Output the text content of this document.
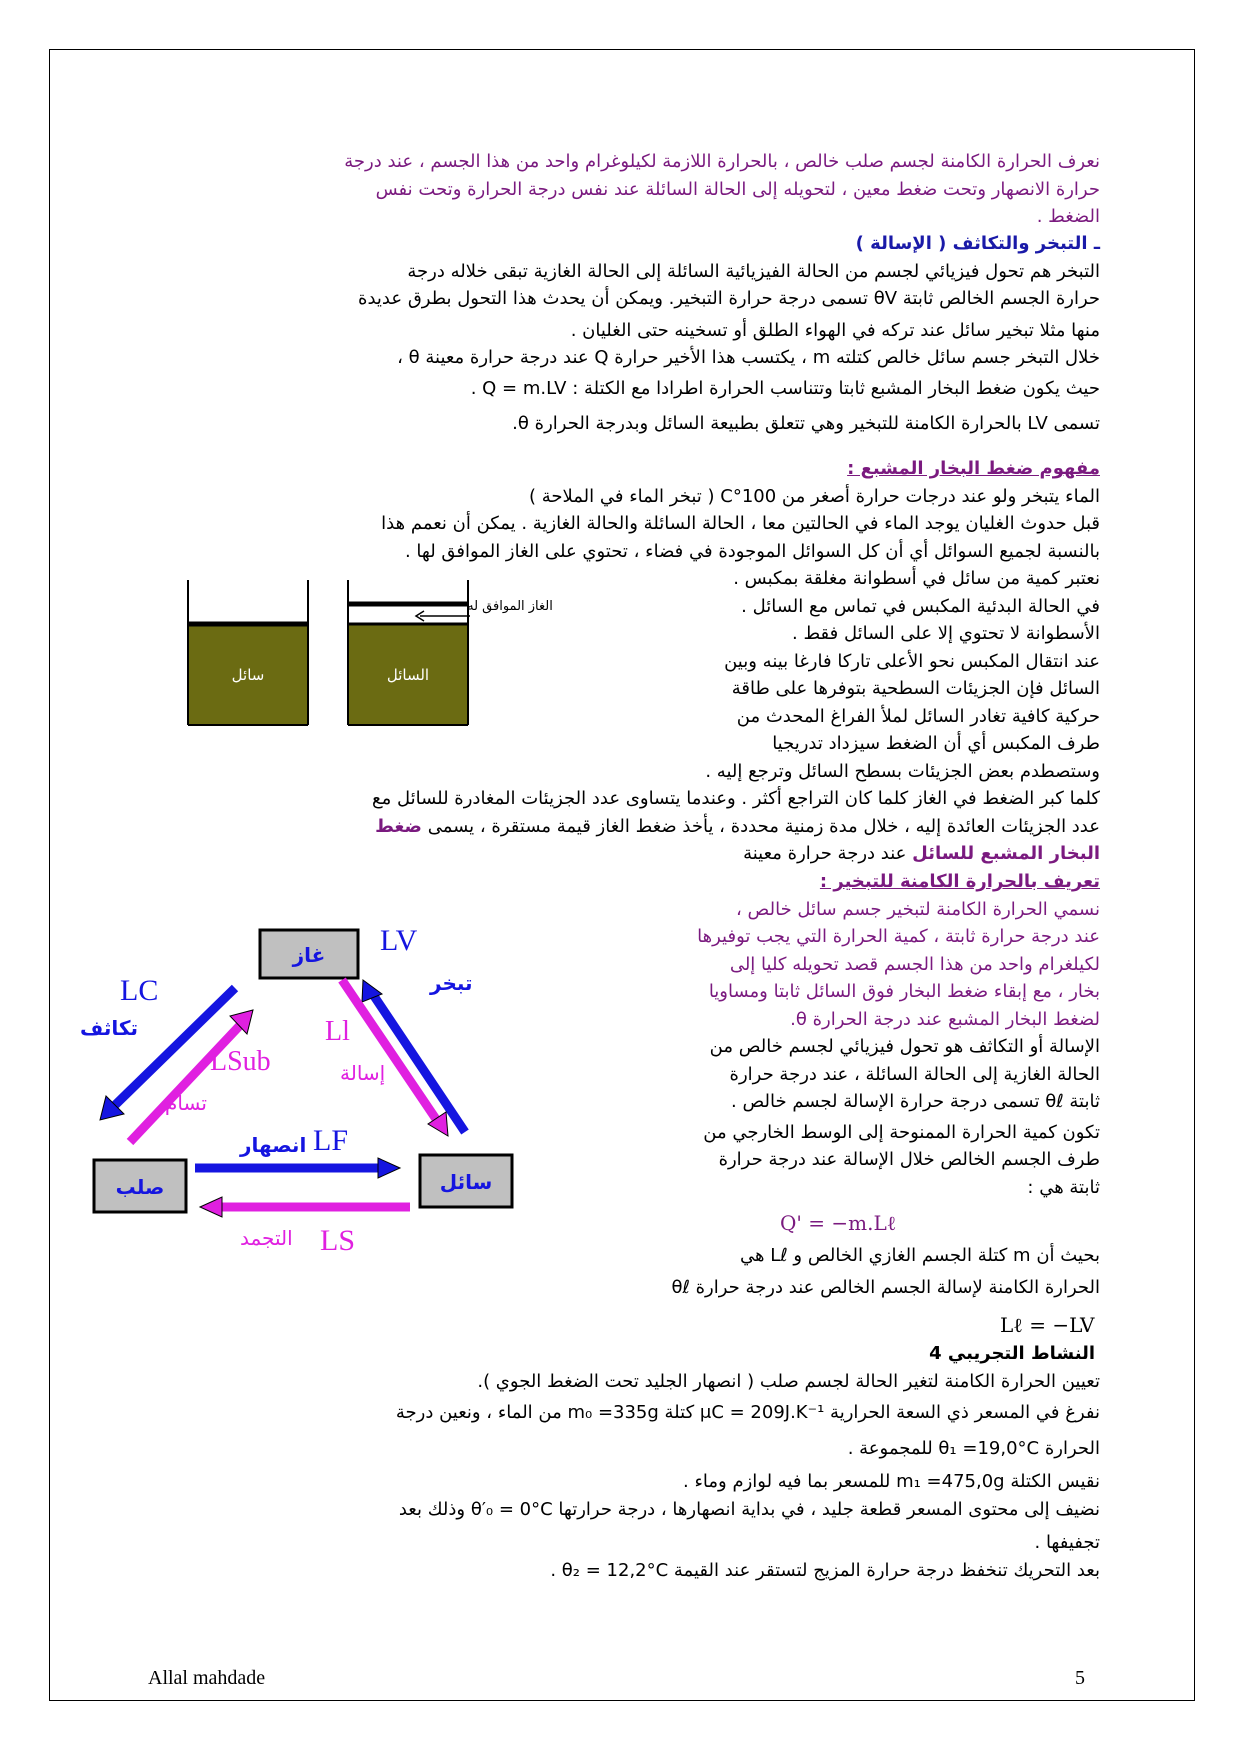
نعرف الحرارة الكامنة لجسم صلب خالص ، بالحرارة اللازمة لكيلوغرام واحد من هذا الجسم ، عند درجة
حرارة الانصهار وتحت ضغط معين ، لتحويله إلى الحالة السائلة عند نفس درجة الحرارة وتحت نفس
الضغط .
ـ التبخر والتكاثف ( الإسالة )
التبخر هم تحول فيزيائي لجسم من الحالة الفيزيائية السائلة إلى الحالة الغازية تبقى خلاله درجة
حرارة الجسم الخالص ثابتة θV تسمى درجة حرارة التبخير. ويمكن أن يحدث هذا التحول بطرق عديدة
منها مثلا تبخير سائل عند تركه في الهواء الطلق أو تسخينه حتى الغليان .
خلال التبخر جسم سائل خالص كتلته m ، يكتسب هذا الأخير حرارة Q عند درجة حرارة معينة θ ،
حيث يكون ضغط البخار المشبع ثابتا وتتناسب الحرارة اطرادا مع الكتلة : Q = m.LV .
تسمى LV بالحرارة الكامنة للتبخير وهي تتعلق بطبيعة السائل وبدرجة الحرارة θ.
مفهوم ضغط البخار المشبع :
الماء يتبخر ولو عند درجات حرارة أصغر من 100°C ( تبخر الماء في الملاحة )
قبل حدوث الغليان يوجد الماء في الحالتين معا ، الحالة السائلة والحالة الغازية . يمكن أن نعمم هذا
بالنسبة لجميع السوائل أي أن كل السوائل الموجودة في فضاء ، تحتوي على الغاز الموافق لها .
نعتبر كمية من سائل في أسطوانة مغلقة بمكبس .
في الحالة البدئية المكبس في تماس مع السائل .
الأسطوانة لا تحتوي إلا على السائل فقط .
عند انتقال المكبس نحو الأعلى تاركا فارغا بينه وبين
السائل فإن الجزيئات السطحية بتوفرها على طاقة
حركية كافية تغادر السائل لملأ الفراغ المحدث من
طرف المكبس أي أن الضغط سيزداد تدريجيا
وستصطدم بعض الجزيئات بسطح السائل وترجع إليه .
كلما كبر الضغط في الغاز كلما كان التراجع أكثر . وعندما يتساوى عدد الجزيئات المغادرة للسائل مع
عدد الجزيئات العائدة إليه ، خلال مدة زمنية محددة ، يأخذ ضغط الغاز قيمة مستقرة ، يسمى ضغط
البخار المشبع للسائل عند درجة حرارة معينة
سائل	السائل
الغاز الموافق له
تعريف بالحرارة الكامنة للتبخير :
نسمي الحرارة الكامنة لتبخير جسم سائل خالص ،
عند درجة حرارة ثابتة ، كمية الحرارة التي يجب توفيرها
لكيلغرام واحد من هذا الجسم قصد تحويله كليا إلى
بخار ، مع إبقاء ضغط البخار فوق السائل ثابتا ومساويا
لضغط البخار المشبع عند درجة الحرارة θ.
الإسالة أو التكاثف هو تحول فيزيائي لجسم خالص من
الحالة الغازية إلى الحالة السائلة ، عند درجة حرارة
ثابتة θℓ تسمى درجة حرارة الإسالة لجسم خالص .
تكون كمية الحرارة الممنوحة إلى الوسط الخارجي من
طرف الجسم الخالص خلال الإسالة عند درجة حرارة
ثابتة هي :
Q' = −m.Lℓ
بحيث أن m كتلة الجسم الغازي الخالص و Lℓ هي
الحرارة الكامنة لإسالة الجسم الخالص عند درجة حرارة θℓ
Lℓ = −LV
غاز
صلب	سائل
LC
تكاثف
LSub
تسام
LV
تبخر
Ll
إسالة
LF
انصهار
LS
التجمد
النشاط التجريبي 4
تعيين الحرارة الكامنة لتغير الحالة لجسم صلب ( انصهار الجليد تحت الضغط الجوي ).
نفرغ في المسعر ذي السعة الحرارية μC = 209J.K⁻¹ كتلة m₀ =335g من الماء ، ونعين درجة
الحرارة θ₁ =19,0°C للمجموعة .
نقيس الكتلة m₁ =475,0g للمسعر بما فيه لوازم وماء .
نضيف إلى محتوى المسعر قطعة جليد ، في بداية انصهارها ، درجة حرارتها θ′₀ = 0°C وذلك بعد
تجفيفها .
بعد التحريك تنخفظ درجة حرارة المزيج لتستقر عند القيمة θ₂ = 12,2°C .
Allal mahdade	5
